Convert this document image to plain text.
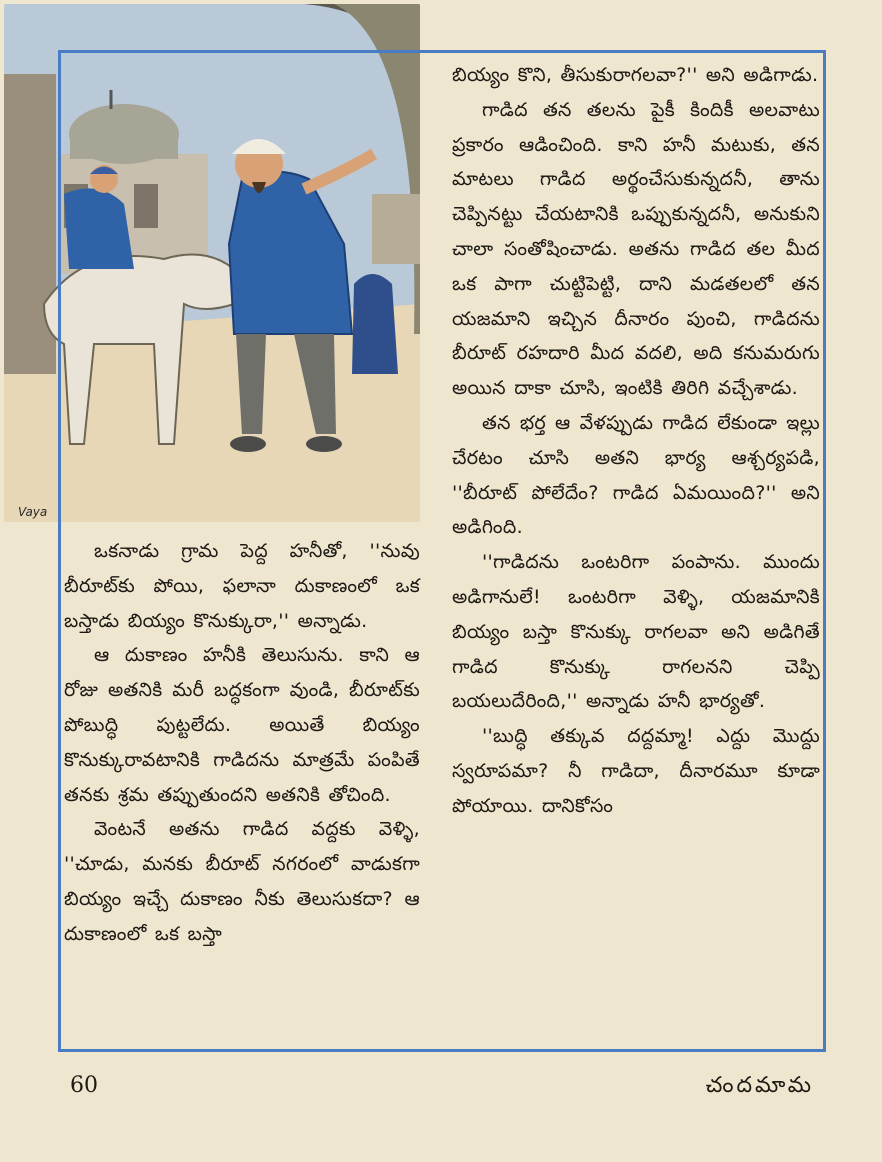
Vaya

బియ్యం కొని, తీసుకురాగలవా?'' అని అడిగాడు.

గాడిద తన తలను పైకీ కిందికీ అలవాటు ప్రకారం ఆడించింది. కాని హనీ మటుకు, తన మాటలు గాడిద అర్థంచేసుకున్నదనీ, తాను చెప్పినట్టు చేయటానికి ఒప్పుకున్నదనీ, అనుకుని చాలా సంతోషించాడు. అతను గాడిద తల మీద ఒక పాగా చుట్టిపెట్టి, దాని మడతలలో తన యజమాని ఇచ్చిన దీనారం పుంచి, గాడిదను బీరూట్ రహదారి మీద వదలి, అది కనుమరుగు అయిన దాకా చూసి, ఇంటికి తిరిగి వచ్చేశాడు.

తన భర్త ఆ వేళప్పుడు గాడిద లేకుండా ఇల్లు చేరటం చూసి అతని భార్య ఆశ్చర్యపడి, ''బీరూట్ పోలేదేం? గాడిద ఏమయింది?'' అని అడిగింది.

''గాడిదను ఒంటరిగా పంపాను. ముందు అడిగానులే! ఒంటరిగా వెళ్ళి, యజమానికి బియ్యం బస్తా కొనుక్కు రాగలవా అని అడిగితే గాడిద కొనుక్కు రాగలనని చెప్పి బయలుదేరింది,'' అన్నాడు హనీ భార్యతో.

''బుద్ధి తక్కువ దద్దమ్మా! ఎద్దు మొద్దు స్వరూపమా? నీ గాడిదా, దీనారమూ కూడా పోయాయి. దానికోసం

ఒకనాడు గ్రామ పెద్ద హనీతో, ''నువు బీరూట్‌కు పోయి, ఫలానా దుకాణంలో ఒక బస్తాడు బియ్యం కొనుక్కురా,'' అన్నాడు.

ఆ దుకాణం హనీకి తెలుసును. కాని ఆ రోజు అతనికి మరీ బద్ధకంగా వుండి, బీరూట్‌కు పోబుద్ధి పుట్టలేదు. అయితే బియ్యం కొనుక్కురావటానికి గాడిదను మాత్రమే పంపితే తనకు శ్రమ తప్పుతుందని అతనికి తోచింది.

వెంటనే అతను గాడిద వద్దకు వెళ్ళి, ''చూడు, మనకు బీరూట్ నగరంలో వాడుకగా బియ్యం ఇచ్చే దుకాణం నీకు తెలుసుకదా? ఆ దుకాణంలో ఒక బస్తా

60	చందమామ
